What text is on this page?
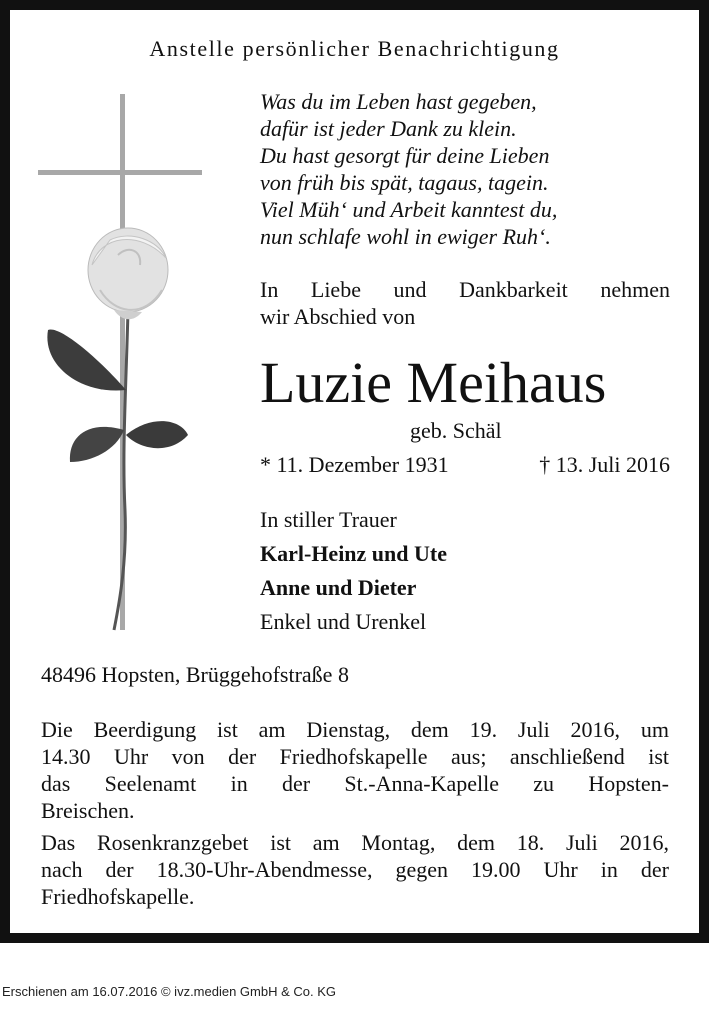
Anstelle persönlicher Benachrichtigung
Was du im Leben hast gegeben,
dafür ist jeder Dank zu klein.
Du hast gesorgt für deine Lieben
von früh bis spät, tagaus, tagein.
Viel Müh‘ und Arbeit kanntest du,
nun schlafe wohl in ewiger Ruh‘.
In Liebe und Dankbarkeit nehmen
wir Abschied von
Luzie Meihaus
geb. Schäl
* 11. Dezember 1931	† 13. Juli 2016
In stiller Trauer
Karl-Heinz und Ute
Anne und Dieter
Enkel und Urenkel
48496 Hopsten, Brüggehofstraße 8
Die Beerdigung ist am Dienstag, dem 19. Juli 2016, um
14.30 Uhr von der Friedhofskapelle aus; anschließend ist
das Seelenamt in der St.-Anna-Kapelle zu Hopsten-
Breischen.
Das Rosenkranzgebet ist am Montag, dem 18. Juli 2016,
nach der 18.30-Uhr-Abendmesse, gegen 19.00 Uhr in der
Friedhofskapelle.
Erschienen am 16.07.2016 © ivz.medien GmbH & Co. KG
